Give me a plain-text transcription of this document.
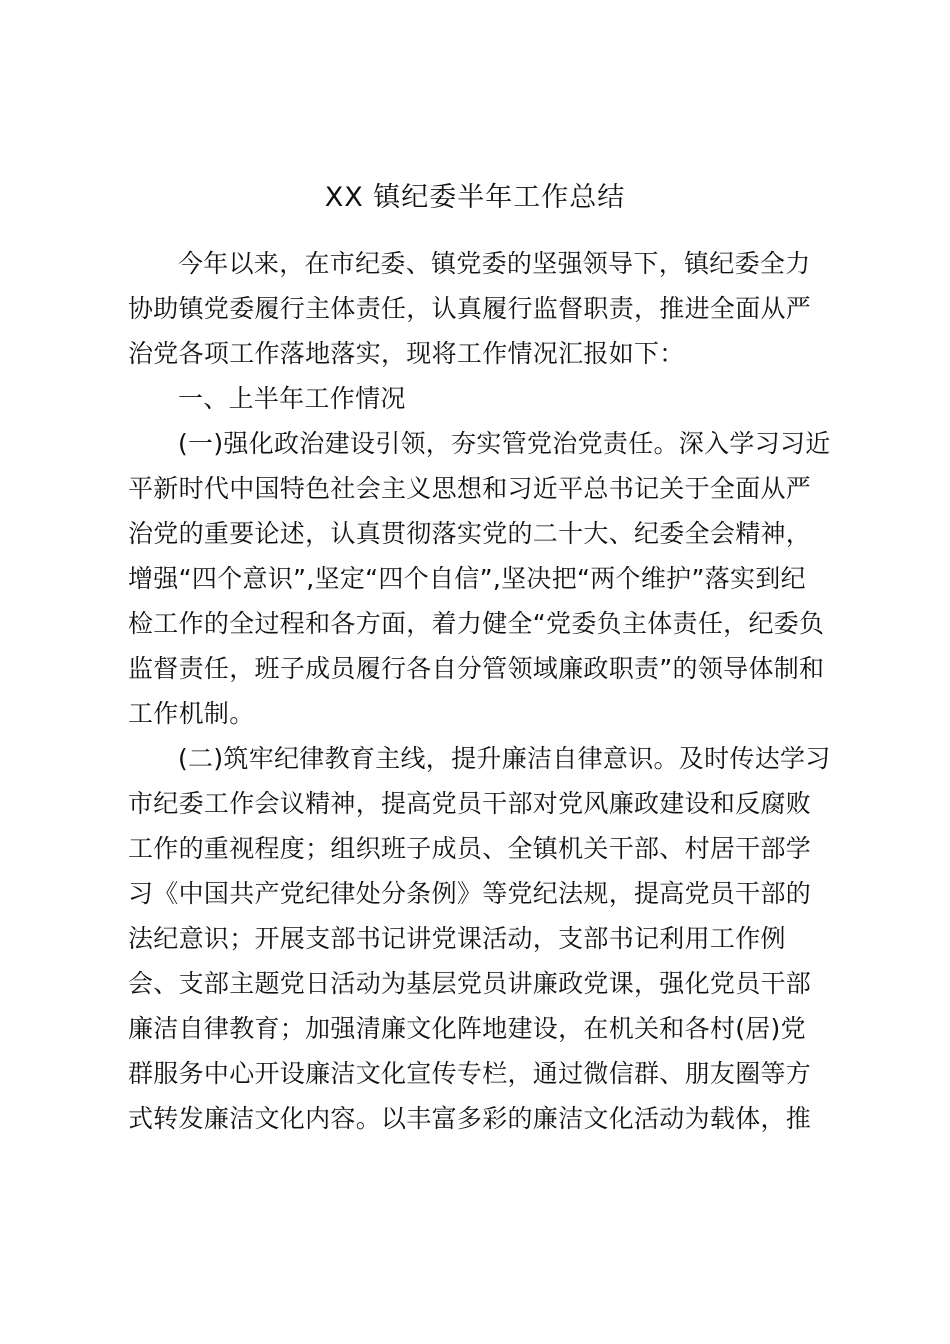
XX 镇纪委半年工作总结
今年以来，在市纪委、镇党委的坚强领导下，镇纪委全力
协助镇党委履行主体责任，认真履行监督职责，推进全面从严
治党各项工作落地落实，现将工作情况汇报如下：
一、上半年工作情况
(一)强化政治建设引领，夯实管党治党责任。深入学习习近
平新时代中国特色社会主义思想和习近平总书记关于全面从严
治党的重要论述，认真贯彻落实党的二十大、纪委全会精神，
增强“四个意识”,坚定“四个自信”,坚决把“两个维护”落实到纪
检工作的全过程和各方面，着力健全“党委负主体责任，纪委负
监督责任，班子成员履行各自分管领域廉政职责”的领导体制和
工作机制。
(二)筑牢纪律教育主线，提升廉洁自律意识。及时传达学习
市纪委工作会议精神，提高党员干部对党风廉政建设和反腐败
工作的重视程度；组织班子成员、全镇机关干部、村居干部学
习《中国共产党纪律处分条例》等党纪法规，提高党员干部的
法纪意识；开展支部书记讲党课活动，支部书记利用工作例
会、支部主题党日活动为基层党员讲廉政党课，强化党员干部
廉洁自律教育；加强清廉文化阵地建设，在机关和各村(居)党
群服务中心开设廉洁文化宣传专栏，通过微信群、朋友圈等方
式转发廉洁文化内容。以丰富多彩的廉洁文化活动为载体，推
